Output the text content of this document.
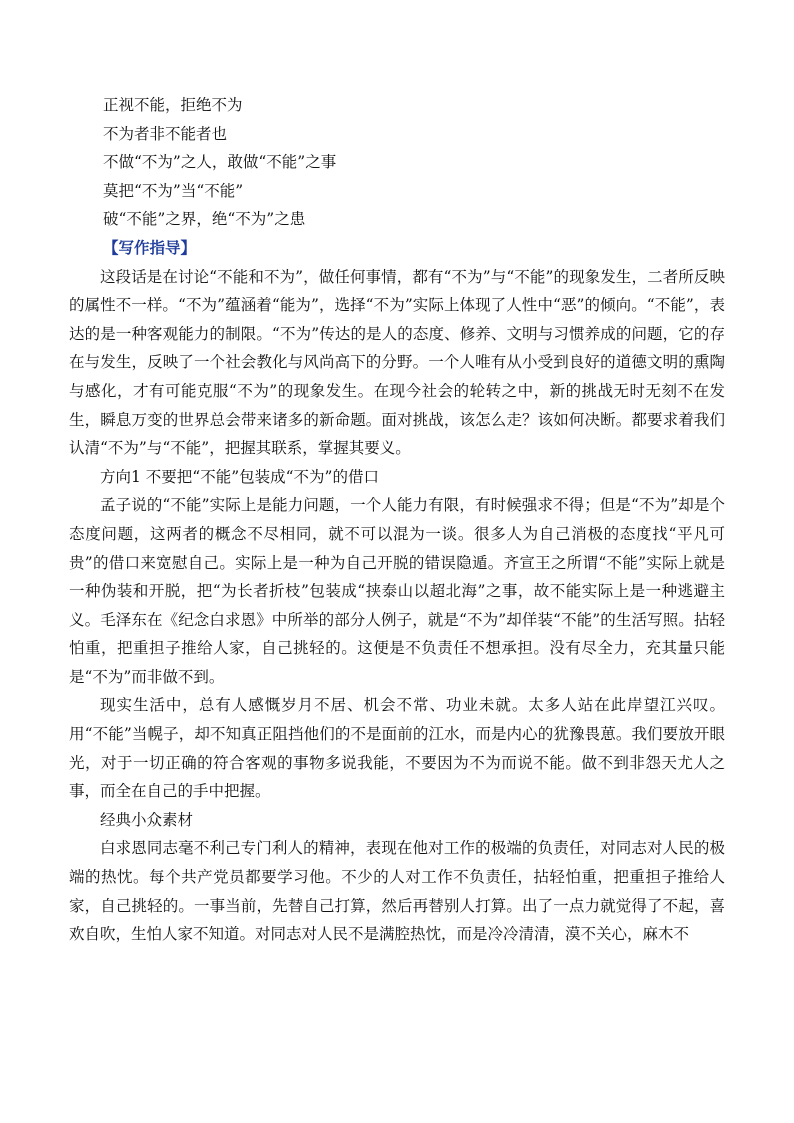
正视不能，拒绝不为

不为者非不能者也

不做“不为”之人，敢做“不能”之事

莫把“不为”当“不能”

破“不能”之界，绝“不为”之患

【写作指导】

这段话是在讨论“不能和不为”，做任何事情，都有“不为”与“不能”的现象发生，二者所反映的属性不一样。“不为”蕴涵着“能为”，选择“不为”实际上体现了人性中“恶”的倾向。“不能”，表达的是一种客观能力的制限。“不为”传达的是人的态度、修养、文明与习惯养成的问题，它的存在与发生，反映了一个社会教化与风尚高下的分野。一个人唯有从小受到良好的道德文明的熏陶与感化，才有可能克服“不为”的现象发生。在现今社会的轮转之中，新的挑战无时无刻不在发生，瞬息万变的世界总会带来诸多的新命题。面对挑战，该怎么走？该如何决断。都要求着我们认清“不为”与“不能”，把握其联系，掌握其要义。

方向1 不要把“不能”包装成“不为”的借口

孟子说的“不能”实际上是能力问题，一个人能力有限，有时候强求不得；但是“不为”却是个态度问题，这两者的概念不尽相同，就不可以混为一谈。很多人为自己消极的态度找“平凡可贵”的借口来宽慰自己。实际上是一种为自己开脱的错误隐遁。齐宣王之所谓“不能”实际上就是一种伪装和开脱，把“为长者折枝”包装成“挟泰山以超北海”之事，故不能实际上是一种逃避主义。毛泽东在《纪念白求恩》中所举的部分人例子，就是“不为”却佯装“不能”的生活写照。拈轻怕重，把重担子推给人家，自己挑轻的。这便是不负责任不想承担。没有尽全力，充其量只能是“不为”而非做不到。

现实生活中，总有人感慨岁月不居、机会不常、功业未就。太多人站在此岸望江兴叹。用“不能”当幌子，却不知真正阻挡他们的不是面前的江水，而是内心的犹豫畏葸。我们要放开眼光，对于一切正确的符合客观的事物多说我能，不要因为不为而说不能。做不到非怨天尤人之事，而全在自己的手中把握。

经典小众素材

白求恩同志毫不利己专门利人的精神，表现在他对工作的极端的负责任，对同志对人民的极端的热忱。每个共产党员都要学习他。不少的人对工作不负责任，拈轻怕重，把重担子推给人家，自己挑轻的。一事当前，先替自己打算，然后再替别人打算。出了一点力就觉得了不起，喜欢自吹，生怕人家不知道。对同志对人民不是满腔热忱，而是冷冷清清，漠不关心，麻木不
